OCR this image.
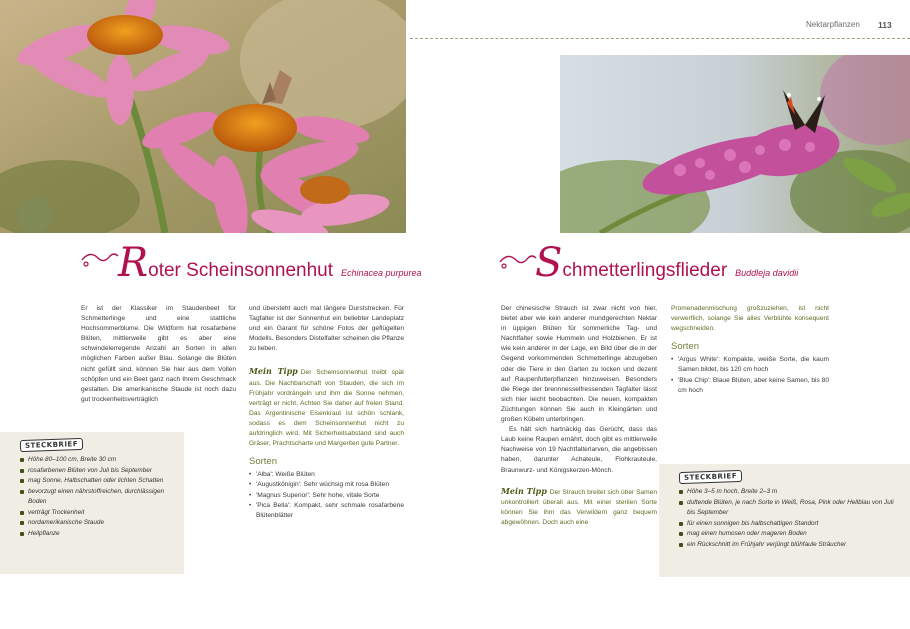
Nektarpflanzen 113
Roter Scheinsonnenhut Echinacea purpurea

Er ist der Klassiker im Staudenbeet für Schmetterlinge und eine stattliche Hochsommerblume. Die Wildform hat rosafarbene Blüten, mittlerweile gibt es aber eine schwindelerregende Anzahl an Sorten in allen möglichen Farben außer Blau. Solange die Blüten nicht gefüllt sind, können Sie hier aus dem Vollen schöpfen und ein Beet ganz nach Ihrem Geschmack gestalten. Die amerikanische Staude ist noch dazu gut trockenheitsverträglich

und übersteht auch mal längere Durststrecken. Für Tagfalter ist der Sonnenhut ein beliebter Landeplatz und ein Garant für schöne Fotos der geflügelten Modells. Besonders Distelfalter scheinen die Pflanze zu lieben.

Mein Tipp Der Scheinsonnenhut treibt spät aus. Die Nachbarschaft von Stauden, die sich im Frühjahr vordrängeln und ihm die Sonne nehmen, verträgt er nicht. Achten Sie daher auf freien Stand. Das Argentinische Eisenkraut ist schön schlank, sodass es dem Scheinsonnenhut nicht zu aufdringlich wird. Mit Sicherheitsabstand sind auch Gräser, Prachtscharte und Margeriten gute Partner.

Sorten
• 'Alba': Weiße Blüten
• 'Augustkönigin': Sehr wüchsig mit rosa Blüten
• 'Magnus Superior': Sehr hohe, vitale Sorte
• 'Pica Bella': Kompakt, sehr schmale rosafarbene Blütenblätter
STECKBRIEF
Höhe 80–100 cm, Breite 30 cm
rosafarbenen Blüten von Juli bis September
mag Sonne, Halbschatten oder lichten Schatten
bevorzugt einen nährstoffreichen, durchlässigen Boden
verträgt Trockenheit
nordamerikanische Staude
Heilpflanze
Schmetterlingsflieder Buddleja davidii

Der chinesische Strauch ist zwar nicht von hier, bietet aber wie kein anderer mundgerechten Nektar in üppigen Blüten für sommerliche Tag- und Nachtfalter sowie Hummeln und Holzbienen. Er ist wie kein anderer in der Lage, ein Bild über die in der Gegend vorkommenden Schmetterlinge abzugeben oder die Tiere in den Garten zu locken und dezent auf Raupenfutterpflanzen hinzuweisen. Besonders die Riege der brennnesselfressenden Tagfalter lässt sich hier leicht beobachten. Die neuen, kompakten Züchtungen können Sie auch in Kleingärten und großen Kübeln unterbringen.

Es hält sich hartnäckig das Gerücht, dass das Laub keine Raupen ernährt, doch gibt es mittlerweile Nachweise von 19 Nachtfalterlarven, die angebissen haben, darunter Achateule, Flohkrauteule, Braunwurz- und Königskerzen-Mönch.

Mein Tipp Der Strauch breitet sich über Samen unkontrolliert überall aus. Mit einer sterilen Sorte können Sie ihm das Verwildern ganz bequem abgewöhnen. Doch auch eine

Promenadenmischung großzuziehen, ist nicht verwerflich, solange Sie alles Verblühte konsequent wegschneiden.

Sorten
• 'Argus White': Kompakte, weiße Sorte, die kaum Samen bildet, bis 120 cm hoch
• 'Blue Chip': Blaue Blüten, aber keine Samen, bis 80 cm hoch
STECKBRIEF
Höhe 3–5 m hoch, Breite 2–3 m
duftende Blüten, je nach Sorte in Weiß, Rosa, Pink oder Hellblau von Juli bis September
für einen sonnigen bis halbschattigen Standort
mag einen humosen oder mageren Boden
ein Rückschnitt im Frühjahr verjüngt blühfaule Sträucher
